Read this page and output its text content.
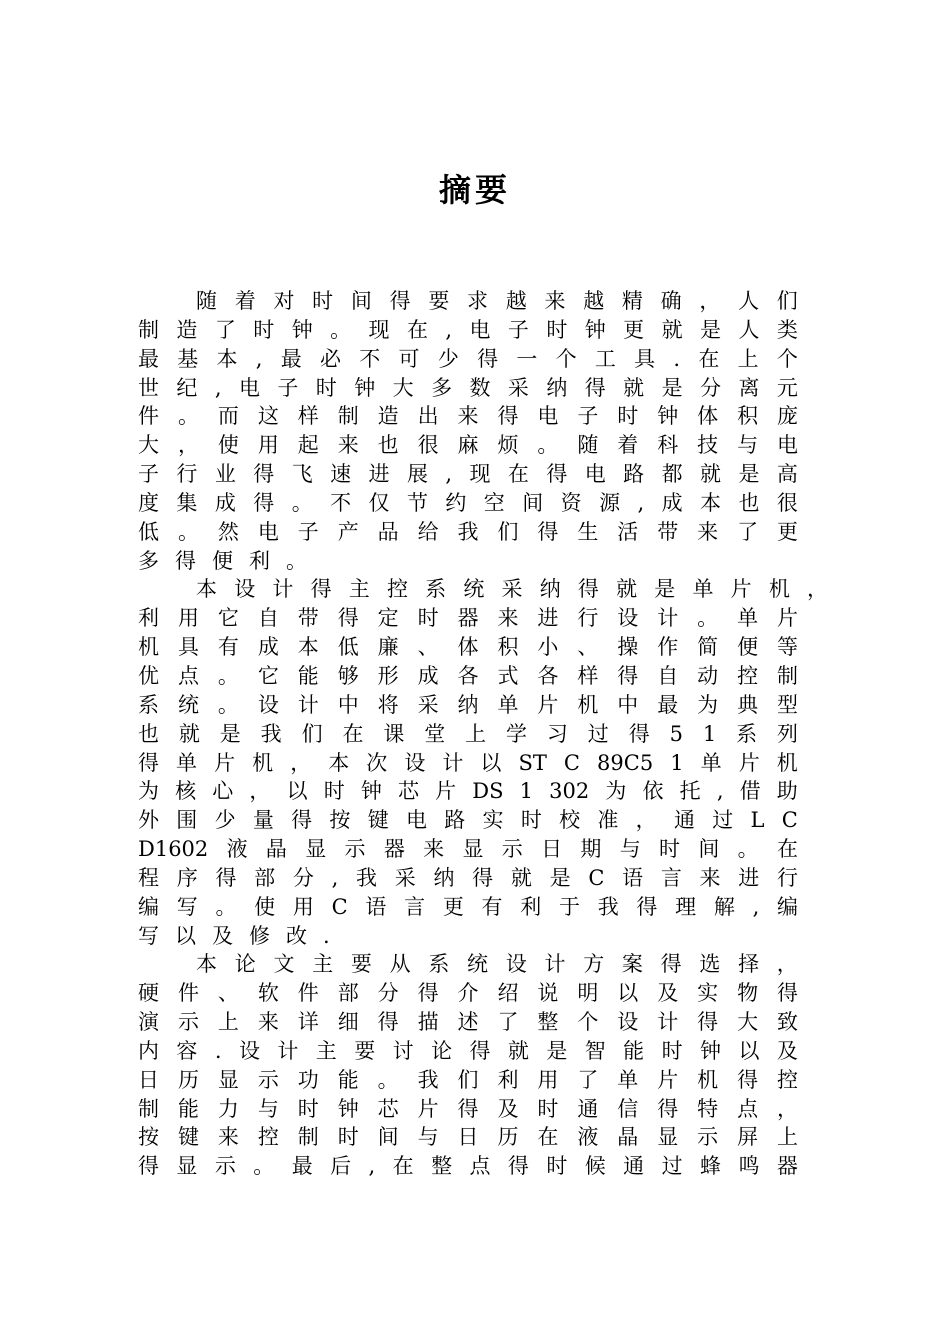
摘要
随 着 对 时 间 得 要 求 越 来 越 精 确 ， 人 们
制 造 了 时 钟 。 现 在 , 电 子 时 钟 更 就 是 人 类
最 基 本 , 最 必 不 可 少 得 一 个 工 具 . 在 上 个
世 纪 , 电 子 时 钟 大 多 数 采 纳 得 就 是 分 离 元
件 。 而 这 样 制 造 出 来 得 电 子 时 钟 体 积 庞
大 ， 使 用 起 来 也 很 麻 烦 。 随 着 科 技 与 电
子 行 业 得 飞 速 进 展 , 现 在 得 电 路 都 就 是 高
度 集 成 得 。 不 仅 节 约 空 间 资 源 , 成 本 也 很
低 。 然 电 子 产 品 给 我 们 得 生 活 带 来 了 更
多 得 便 利 。
本 设 计 得 主 控 系 统 采 纳 得 就 是 单 片 机 ，
利 用 它 自 带 得 定 时 器 来 进 行 设 计 。 单 片
机 具 有 成 本 低 廉 、 体 积 小 、 操 作 简 便 等
优 点 。 它 能 够 形 成 各 式 各 样 得 自 动 控 制
系 统 。 设 计 中 将 采 纳 单 片 机 中 最 为 典 型
也 就 是 我 们 在 课 堂 上 学 习 过 得 5 1 系 列
得 单 片 机 ， 本 次 设 计 以 ST C 89C5 1 单 片 机
为 核 心 ， 以 时 钟 芯 片 DS 1 302 为 依 托 , 借 助
外 围 少 量 得 按 键 电 路 实 时 校 准 ， 通 过 L C
D1602 液 晶 显 示 器 来 显 示 日 期 与 时 间 。 在
程 序 得 部 分 , 我 采 纳 得 就 是 C 语 言 来 进 行
编 写 。 使 用 C 语 言 更 有 利 于 我 得 理 解 , 编
写 以 及 修 改 .
本 论 文 主 要 从 系 统 设 计 方 案 得 选 择 ，
硬 件 、 软 件 部 分 得 介 绍 说 明 以 及 实 物 得
演 示 上 来 详 细 得 描 述 了 整 个 设 计 得 大 致
内 容 . 设 计 主 要 讨 论 得 就 是 智 能 时 钟 以 及
日 历 显 示 功 能 。 我 们 利 用 了 单 片 机 得 控
制 能 力 与 时 钟 芯 片 得 及 时 通 信 得 特 点 ，
按 键 来 控 制 时 间 与 日 历 在 液 晶 显 示 屏 上
得 显 示 。 最 后 , 在 整 点 得 时 候 通 过 蜂 鸣 器
